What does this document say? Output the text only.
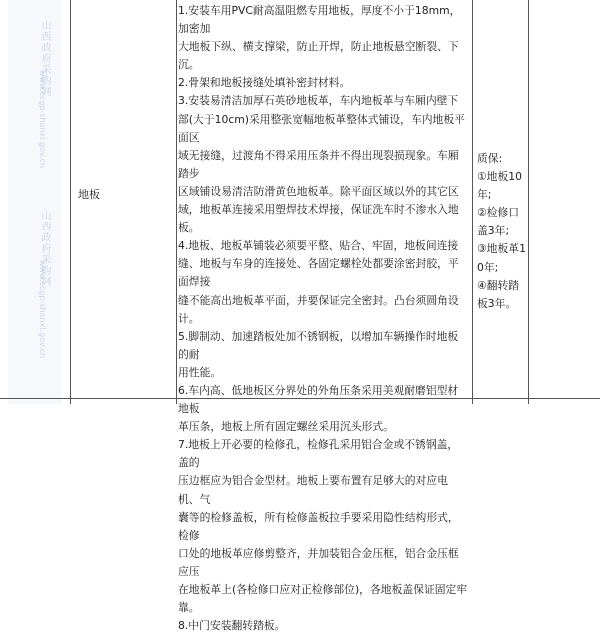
山西政府采购网
山西政府采购网
www.ccgp-shanxi.gov.cn
www.ccgp-shanxi.gov.cn
地板
1.安装车用PVC耐高温阻燃专用地板，厚度不小于18mm，加密加
大地板下纵、横支撑梁，防止开焊，防止地板悬空断裂、下沉。
2.骨架和地板接缝处填补密封材料。
3.安装易清洁加厚石英砂地板革，车内地板革与车厢内壁下
部(大于10cm)采用整张宽幅地板革整体式铺设，车内地板平面区
域无接缝，过渡角不得采用压条并不得出现裂损现象。车厢踏步
区域铺设易清洁防滑黄色地板革。除平面区域以外的其它区
域，地板革连接采用塑焊技术焊接，保证洗车时不渗水入地板。
4.地板、地板革铺装必须要平整、贴合、牢固，地板间连接
缝、地板与车身的连接处、各固定螺栓处都要涂密封胶，平面焊接
缝不能高出地板革平面，并要保证完全密封。凸台须圆角设计。
5.脚制动、加速踏板处加不锈钢板，以增加车辆操作时地板的耐
用性能。
6.车内高、低地板区分界处的外角压条采用美观耐磨铝型材地板
革压条，地板上所有固定螺丝采用沉头形式。
7.地板上开必要的检修孔，检修孔采用铝合金或不锈钢盖，盖的
压边框应为铝合金型材。地板上要布置有足够大的对应电机、气
囊等的检修盖板，所有检修盖板拉手要采用隐性结构形式，检修
口处的地板革应修剪整齐，并加装铝合金压框，铝合金压框应压
在地板革上(各检修口应对正检修部位)，各地板盖保证固定牢
靠。
8.中门安装翻转踏板。
质保:
①地板10
年;
②检修口
盖3年;
③地板革1
0年;
④翻转踏
板3年。
